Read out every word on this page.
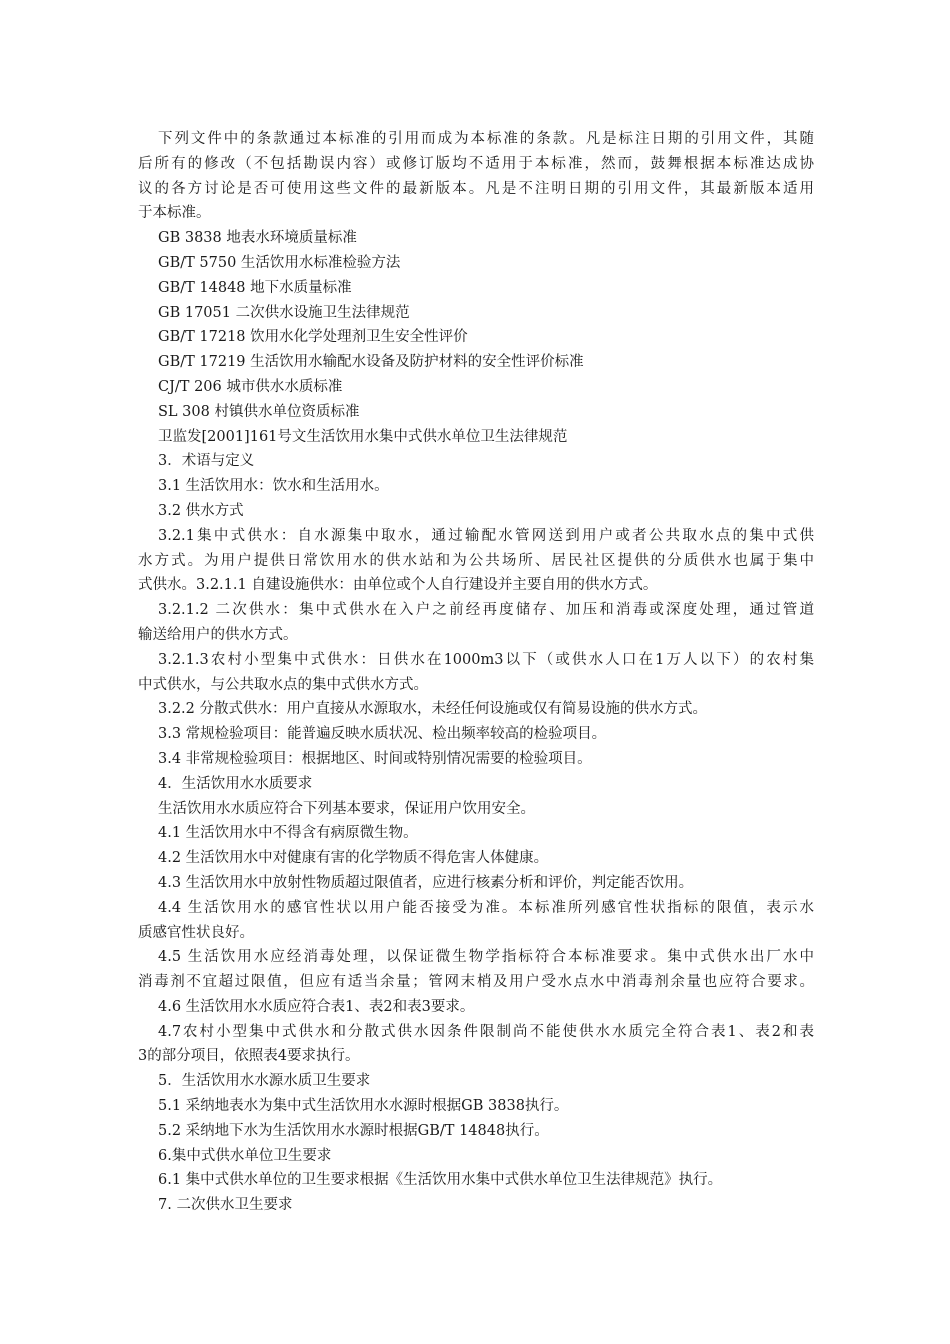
下列文件中的条款通过本标准的引用而成为本标准的条款。凡是标注日期的引用文件，其随

后所有的修改（不包括勘误内容）或修订版均不适用于本标准，然而，鼓舞根据本标准达成协

议的各方讨论是否可使用这些文件的最新版本。凡是不注明日期的引用文件，其最新版本适用

于本标准。

GB 3838 地表水环境质量标准

GB/T 5750 生活饮用水标准检验方法

GB/T 14848 地下水质量标准

GB 17051 二次供水设施卫生法律规范

GB/T 17218 饮用水化学处理剂卫生安全性评价

GB/T 17219 生活饮用水输配水设备及防护材料的安全性评价标准

CJ/T 206 城市供水水质标准

SL 308 村镇供水单位资质标准

卫监发[2001]161号文生活饮用水集中式供水单位卫生法律规范

3．术语与定义

3.1 生活饮用水：饮水和生活用水。

3.2 供水方式

3.2.1集中式供水：自水源集中取水，通过输配水管网送到用户或者公共取水点的集中式供

水方式。为用户提供日常饮用水的供水站和为公共场所、居民社区提供的分质供水也属于集中

式供水。3.2.1.1 自建设施供水：由单位或个人自行建设并主要自用的供水方式。

3.2.1.2 二次供水：集中式供水在入户之前经再度储存、加压和消毒或深度处理，通过管道

输送给用户的供水方式。

3.2.1.3农村小型集中式供水：日供水在1000m3以下（或供水人口在1万人以下）的农村集

中式供水，与公共取水点的集中式供水方式。

3.2.2 分散式供水：用户直接从水源取水，未经任何设施或仅有简易设施的供水方式。

3.3 常规检验项目：能普遍反映水质状况、检出频率较高的检验项目。

3.4 非常规检验项目：根据地区、时间或特别情况需要的检验项目。

4．生活饮用水水质要求

生活饮用水水质应符合下列基本要求，保证用户饮用安全。

4.1 生活饮用水中不得含有病原微生物。

4.2 生活饮用水中对健康有害的化学物质不得危害人体健康。

4.3 生活饮用水中放射性物质超过限值者，应进行核素分析和评价，判定能否饮用。

4.4 生活饮用水的感官性状以用户能否接受为准。本标准所列感官性状指标的限值，表示水

质感官性状良好。

4.5 生活饮用水应经消毒处理，以保证微生物学指标符合本标准要求。集中式供水出厂水中

消毒剂不宜超过限值，但应有适当余量；管网末梢及用户受水点水中消毒剂余量也应符合要求。

4.6 生活饮用水水质应符合表1、表2和表3要求。

4.7农村小型集中式供水和分散式供水因条件限制尚不能使供水水质完全符合表1、表2和表

3的部分项目，依照表4要求执行。

5．生活饮用水水源水质卫生要求

5.1 采纳地表水为集中式生活饮用水水源时根据GB 3838执行。

5.2 采纳地下水为生活饮用水水源时根据GB/T 14848执行。

6.集中式供水单位卫生要求

6.1 集中式供水单位的卫生要求根据《生活饮用水集中式供水单位卫生法律规范》执行。

7. 二次供水卫生要求
